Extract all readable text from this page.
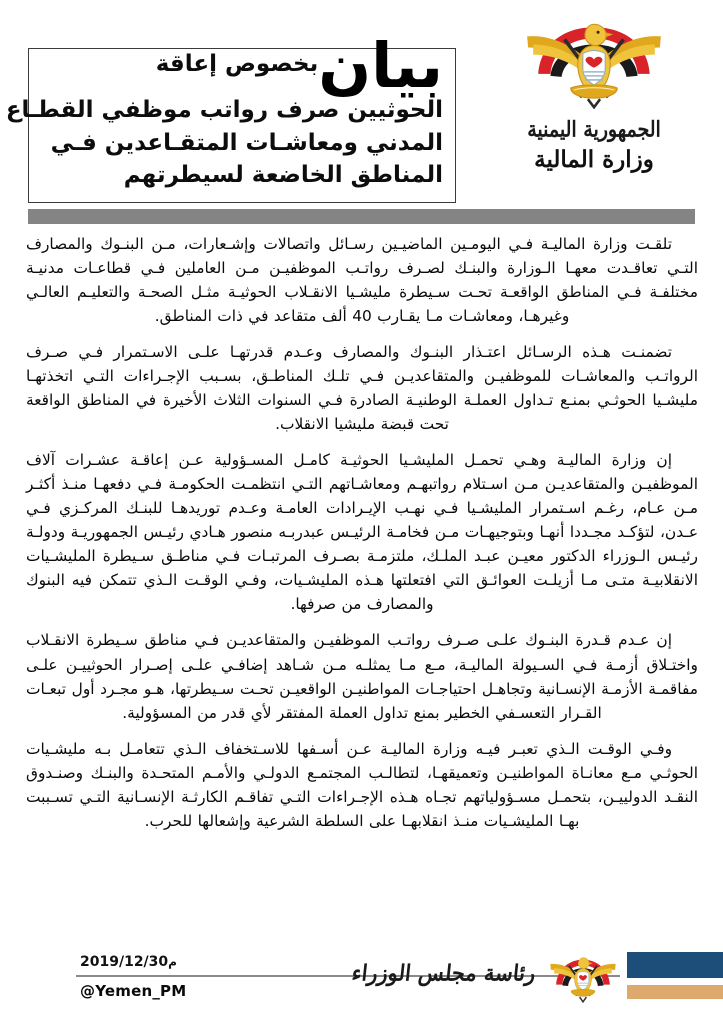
الجمهورية اليمنية
وزارة المالية
بيانبخصوص إعاقة
الحوثيين صرف رواتب موظفي القطـاع
المدني ومعاشـات المتقـاعدين فـي
المناطق الخاضعة لسيطرتهم

تلقـت وزارة الماليـة فـي اليومـين الماضيـين رسـائل واتصالات وإشـعارات، مـن البنـوك والمصارف التـي تعاقـدت معهـا الـوزارة والبنـك لصـرف رواتـب الموظفيـن مـن العاملين فـي قطاعـات مدنيـة مختلفـة فـي المناطق الواقعـة تحـت سـيطرة مليشـيا الانقـلاب الحوثيـة مثـل الصحـة والتعليـم العالـي وغيرهـا، ومعاشـات مـا يقـارب 40 ألف متقاعد في ذات المناطق.

تضمنـت هـذه الرسـائل اعتـذار البنـوك والمصارف وعـدم قدرتهـا علـى الاسـتمرار فـي صـرف الرواتـب والمعاشـات للموظفيـن والمتقاعديـن فـي تلـك المناطـق، بسـبب الإجـراءات التـي اتخذتهـا مليشـيا الحوثـي بمنـع تـداول العملـة الوطنيـة الصادرة فـي السنوات الثلاث الأخيرة في المناطق الواقعة تحت قبضة مليشيا الانقلاب.

إن وزارة الماليـة وهـي تحمـل المليشـيا الحوثيـة كامـل المسـؤولية عـن إعاقـة عشـرات آلاف الموظفيـن والمتقاعديـن مـن اسـتلام رواتبهـم ومعاشـاتهم التـي انتظمـت الحكومـة فـي دفعهـا منـذ أكثـر مـن عـام، رغـم اسـتمرار المليشـيا فـي نهـب الإيـرادات العامـة وعـدم توريدهـا للبنـك المركـزي فـي عـدن، لتؤكـد مجـددا أنهـا وبتوجيهـات مـن فخامـة الرئيـس عبدربـه منصور هـادي رئيـس الجمهوريـة ودولـة رئيـس الـوزراء الدكتور معيـن عبـد الملـك، ملتزمـة بصـرف المرتبـات فـي مناطـق سـيطرة المليشـيات الانقلابيـة متـى مـا أزيلـت العوائـق التي افتعلتها هـذه المليشـيات، وفـي الوقـت الـذي تتمكن فيه البنوك والمصارف من صرفها.

إن عـدم قـدرة البنـوك علـى صـرف رواتـب الموظفيـن والمتقاعديـن فـي مناطق سـيطرة الانقـلاب واختـلاق أزمـة فـي السـيولة الماليـة، مـع مـا يمثلـه مـن شـاهد إضافـي علـى إصـرار الحوثييـن علـى مفاقمـة الأزمـة الإنسـانية وتجاهـل احتياجـات المواطنيـن الواقعيـن تحـت سـيطرتها، هـو مجـرد أول تبعـات القـرار التعسـفي الخطير بمنع تداول العملة المفتقر لأي قدر من المسؤولية.

وفـي الوقـت الـذي تعبـر فيـه وزارة الماليـة عـن أسـفها للاسـتخفاف الـذي تتعامـل بـه مليشـيات الحوثـي مـع معانـاة المواطنيـن وتعميقهـا، لتطالـب المجتمـع الدولـي والأمـم المتحـدة والبنـك وصنـدوق النقـد الدولييـن، بتحمـل مسـؤولياتهم تجـاه هـذه الإجـراءات التـي تفاقـم الكارثـة الإنسـانية التـي تسـببت بهـا المليشـيات منـذ انقلابهـا على السلطة الشرعية وإشعالها للحرب.

م2019/12/30
@Yemen_PM
رئاسة مجلس الوزراء
